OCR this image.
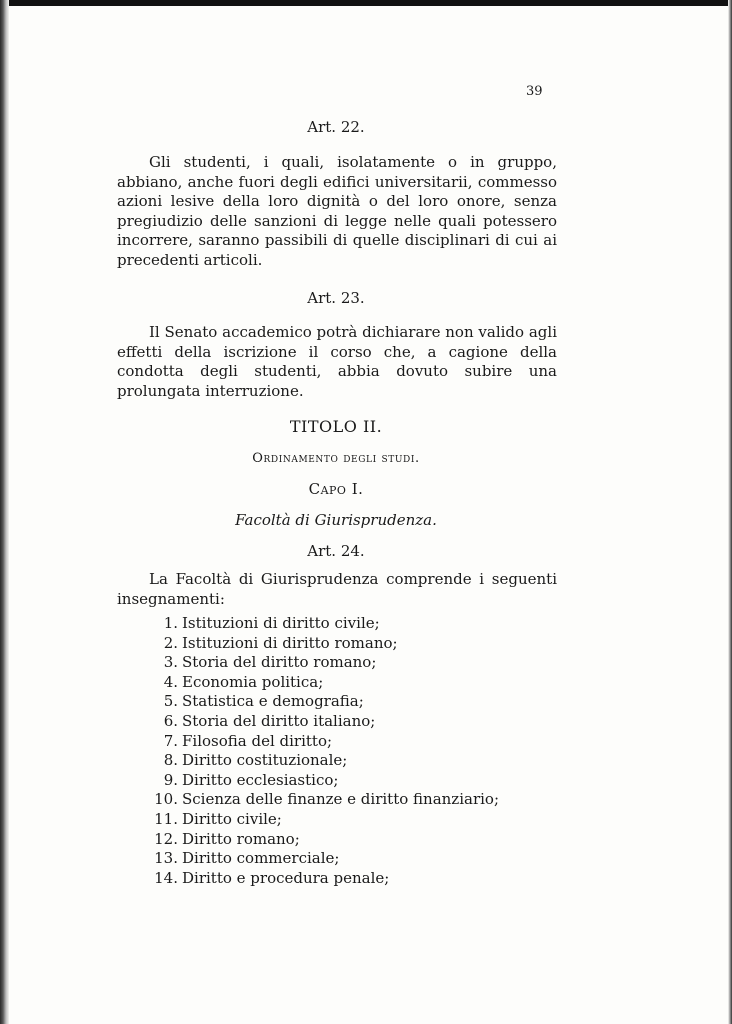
39
Art. 22.

Gli studenti, i quali, isolatamente o in gruppo, abbiano, anche fuori degli edifici universitarii, commesso azioni lesive della loro dignità o del loro onore, senza pregiudizio delle sanzioni di legge nelle quali potessero incorrere, saranno passibili di quelle disciplinari di cui ai precedenti articoli.

Art. 23.

Il Senato accademico potrà dichiarare non valido agli effetti della iscrizione il corso che, a cagione della condotta degli studenti, abbia dovuto subire una prolungata interruzione.

TITOLO II.
Ordinamento degli studi.
Capo I.
Facoltà di Giurisprudenza.
Art. 24.

La Facoltà di Giurisprudenza comprende i seguenti insegnamenti:

1. Istituzioni di diritto civile;
2. Istituzioni di diritto romano;
3. Storia del diritto romano;
4. Economia politica;
5. Statistica e demografia;
6. Storia del diritto italiano;
7. Filosofia del diritto;
8. Diritto costituzionale;
9. Diritto ecclesiastico;
10. Scienza delle finanze e diritto finanziario;
11. Diritto civile;
12. Diritto romano;
13. Diritto commerciale;
14. Diritto e procedura penale;
